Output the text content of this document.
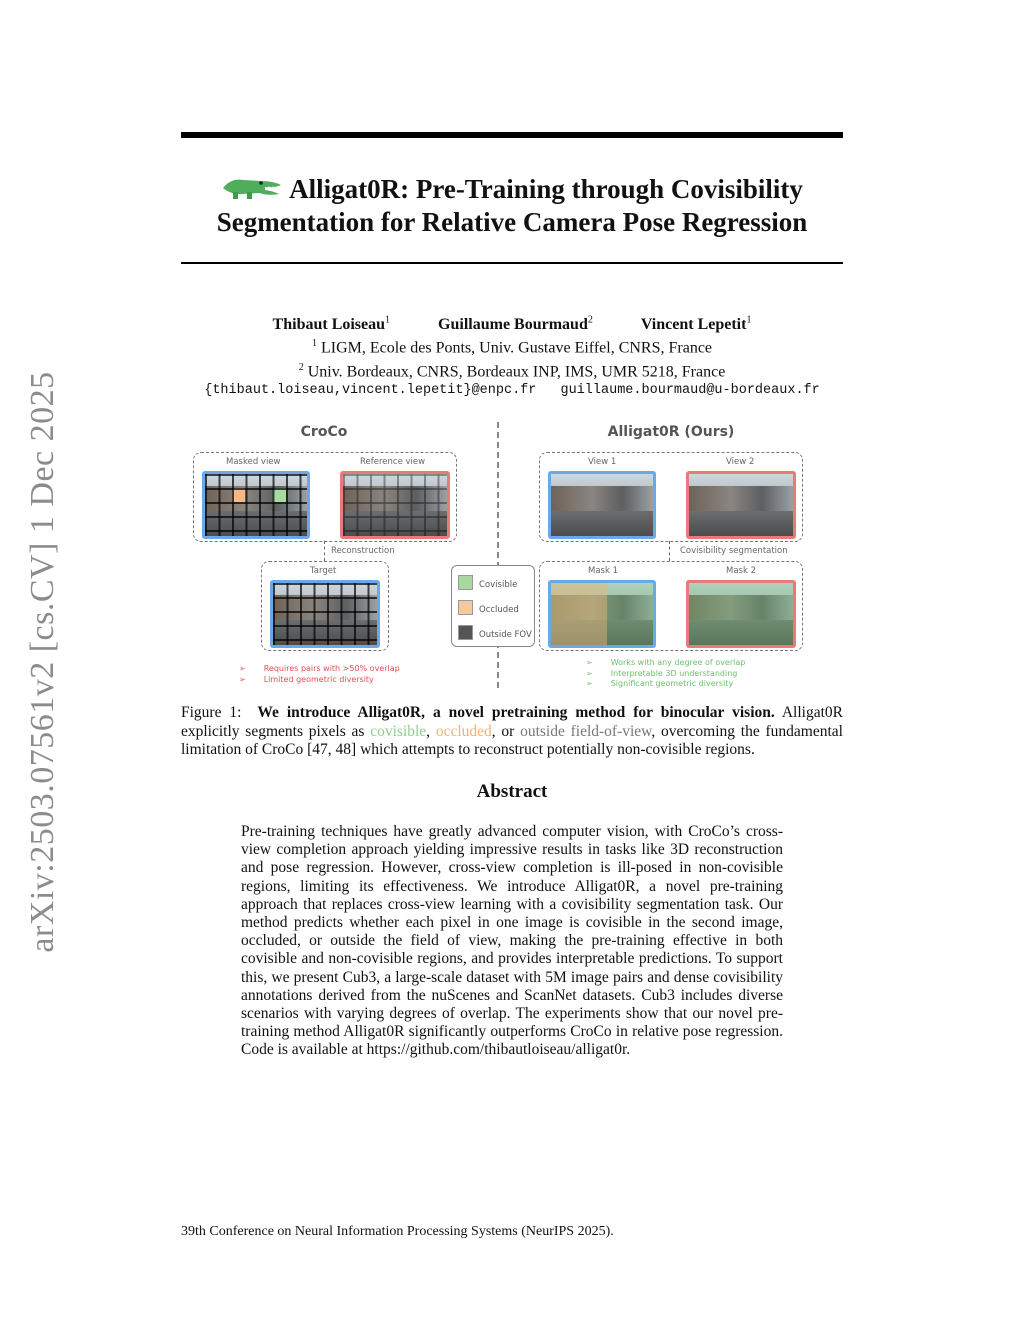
arXiv:2503.07561v2 [cs.CV] 1 Dec 2025
Alligat0R: Pre-Training through Covisibility
Segmentation for Relative Camera Pose Regression
Thibaut Loiseau$^1$	Guillaume Bourmaud$^2$	Vincent Lepetit$^1$
$^1$ LIGM, Ecole des Ponts, Univ. Gustave Eiffel, CNRS, France
$^2$ Univ. Bordeaux, CNRS, Bordeaux INP, IMS, UMR 5218, France
{thibaut.loiseau,vincent.lepetit}@enpc.fr guillaume.bourmaud@u-bordeaux.fr
CroCo	Alligat0R (Ours)
Masked view	Reference view
Reconstruction
Target
➢ Requires pairs with >50% overlap
➢ Limited geometric diversity
Covisible
Occluded
Outside FOV
View 1	View 2
Covisibility segmentation
Mask 1	Mask 2
➢ Works with any degree of overlap
➢ Interpretable 3D understanding
➢ Significant geometric diversity
Figure 1: We introduce Alligat0R, a novel pretraining method for binocular vision. Alligat0R explicitly segments pixels as covisible, occluded, or outside field-of-view, overcoming the fundamental limitation of CroCo [47, 48] which attempts to reconstruct potentially non-covisible regions.
Abstract
Pre-training techniques have greatly advanced computer vision, with CroCo’s cross-view completion approach yielding impressive results in tasks like 3D reconstruction and pose regression. However, cross-view completion is ill-posed in non-covisible regions, limiting its effectiveness. We introduce Alligat0R, a novel pre-training approach that replaces cross-view learning with a covisibility segmentation task. Our method predicts whether each pixel in one image is covisible in the second image, occluded, or outside the field of view, making the pre-training effective in both covisible and non-covisible regions, and provides interpretable predictions. To support this, we present Cub3, a large-scale dataset with 5M image pairs and dense covisibility annotations derived from the nuScenes and ScanNet datasets. Cub3 includes diverse scenarios with varying degrees of overlap. The experiments show that our novel pre-training method Alligat0R significantly outperforms CroCo in relative pose regression. Code is available at https://github.com/thibautloiseau/alligat0r.
39th Conference on Neural Information Processing Systems (NeurIPS 2025).
